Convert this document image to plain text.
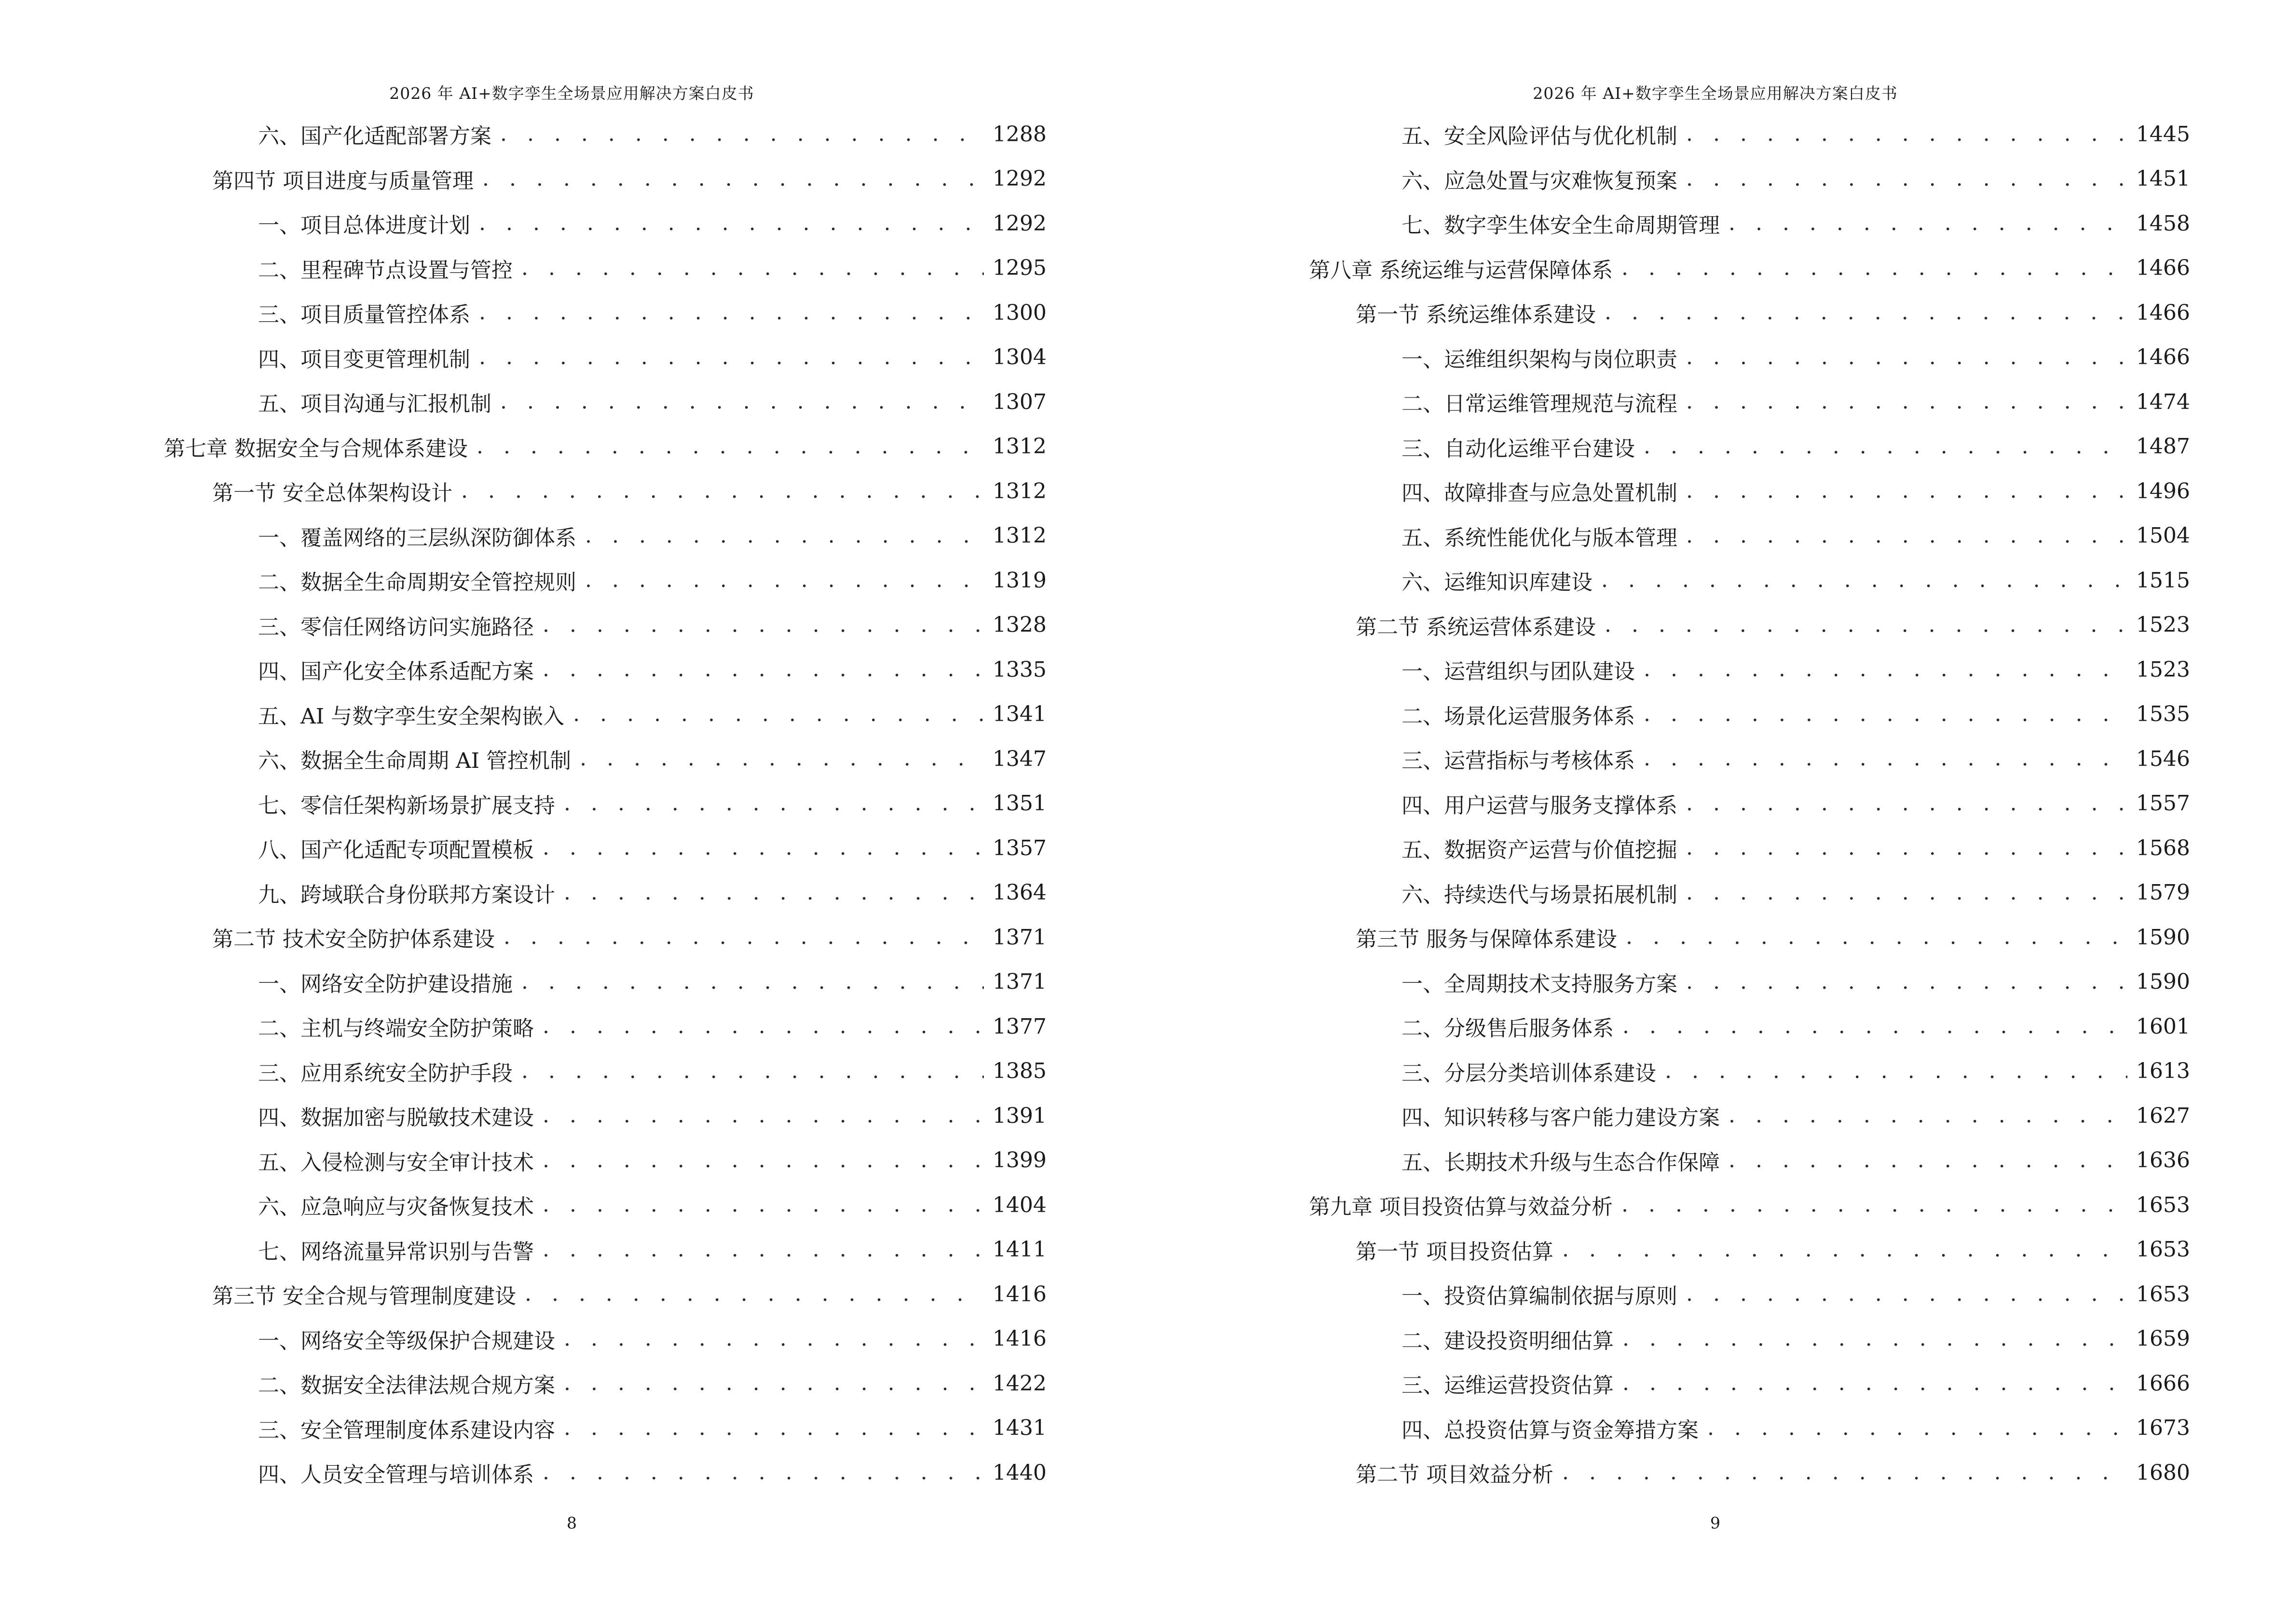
2026 年 AI+数字孪生全场景应用解决方案白皮书
六、国产化适配部署方案 . . .	1288
第四节 项目进度与质量管理 . . .	1292
一、项目总体进度计划 . . .	1292
二、里程碑节点设置与管控 . . .	1295
三、项目质量管控体系 . . .	1300
四、项目变更管理机制 . . .	1304
五、项目沟通与汇报机制 . . .	1307
第七章 数据安全与合规体系建设 . . .	1312
第一节 安全总体架构设计 . . .	1312
一、覆盖网络的三层纵深防御体系 . . .	1312
二、数据全生命周期安全管控规则 . . .	1319
三、零信任网络访问实施路径 . . .	1328
四、国产化安全体系适配方案 . . .	1335
五、AI 与数字孪生安全架构嵌入 . . .	1341
六、数据全生命周期 AI 管控机制 . . .	1347
七、零信任架构新场景扩展支持 . . .	1351
八、国产化适配专项配置模板 . . .	1357
九、跨域联合身份联邦方案设计 . . .	1364
第二节 技术安全防护体系建设 . . .	1371
一、网络安全防护建设措施 . . .	1371
二、主机与终端安全防护策略 . . .	1377
三、应用系统安全防护手段 . . .	1385
四、数据加密与脱敏技术建设 . . .	1391
五、入侵检测与安全审计技术 . . .	1399
六、应急响应与灾备恢复技术 . . .	1404
七、网络流量异常识别与告警 . . .	1411
第三节 安全合规与管理制度建设 . . .	1416
一、网络安全等级保护合规建设 . . .	1416
二、数据安全法律法规合规方案 . . .	1422
三、安全管理制度体系建设内容 . . .	1431
四、人员安全管理与培训体系 . . .	1440
8
2026 年 AI+数字孪生全场景应用解决方案白皮书
五、安全风险评估与优化机制 . . .	1445
六、应急处置与灾难恢复预案 . . .	1451
七、数字孪生体安全生命周期管理 . . .	1458
第八章 系统运维与运营保障体系 . . .	1466
第一节 系统运维体系建设 . . .	1466
一、运维组织架构与岗位职责 . . .	1466
二、日常运维管理规范与流程 . . .	1474
三、自动化运维平台建设 . . .	1487
四、故障排查与应急处置机制 . . .	1496
五、系统性能优化与版本管理 . . .	1504
六、运维知识库建设 . . .	1515
第二节 系统运营体系建设 . . .	1523
一、运营组织与团队建设 . . .	1523
二、场景化运营服务体系 . . .	1535
三、运营指标与考核体系 . . .	1546
四、用户运营与服务支撑体系 . . .	1557
五、数据资产运营与价值挖掘 . . .	1568
六、持续迭代与场景拓展机制 . . .	1579
第三节 服务与保障体系建设 . . .	1590
一、全周期技术支持服务方案 . . .	1590
二、分级售后服务体系 . . .	1601
三、分层分类培训体系建设 . . .	1613
四、知识转移与客户能力建设方案 . . .	1627
五、长期技术升级与生态合作保障 . . .	1636
第九章 项目投资估算与效益分析 . . .	1653
第一节 项目投资估算 . . .	1653
一、投资估算编制依据与原则 . . .	1653
二、建设投资明细估算 . . .	1659
三、运维运营投资估算 . . .	1666
四、总投资估算与资金筹措方案 . . .	1673
第二节 项目效益分析 . . .	1680
9
